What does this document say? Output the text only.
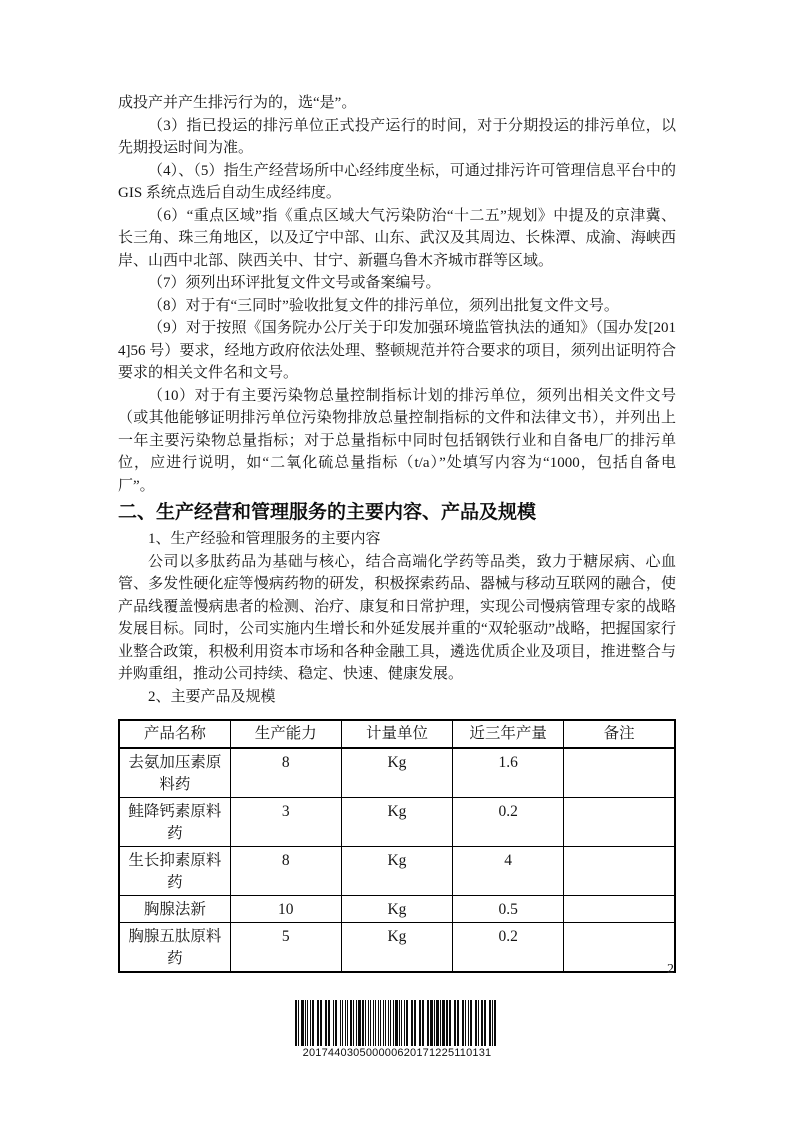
成投产并产生排污行为的，选“是”。

（3）指已投运的排污单位正式投产运行的时间，对于分期投运的排污单位，以先期投运时间为准。

（4）、（5）指生产经营场所中心经纬度坐标，可通过排污许可管理信息平台中的 GIS 系统点选后自动生成经纬度。

（6）“重点区域”指《重点区域大气污染防治“十二五”规划》中提及的京津冀、长三角、珠三角地区，以及辽宁中部、山东、武汉及其周边、长株潭、成渝、海峡西岸、山西中北部、陕西关中、甘宁、新疆乌鲁木齐城市群等区域。

（7）须列出环评批复文件文号或备案编号。

（8）对于有“三同时”验收批复文件的排污单位，须列出批复文件文号。

（9）对于按照《国务院办公厅关于印发加强环境监管执法的通知》（国办发[2014]56 号）要求，经地方政府依法处理、整顿规范并符合要求的项目，须列出证明符合要求的相关文件名和文号。

（10）对于有主要污染物总量控制指标计划的排污单位，须列出相关文件文号（或其他能够证明排污单位污染物排放总量控制指标的文件和法律文书），并列出上一年主要污染物总量指标；对于总量指标中同时包括钢铁行业和自备电厂的排污单位，应进行说明，如“二氧化硫总量指标（t/a）”处填写内容为“1000，包括自备电厂”。

二、生产经营和管理服务的主要内容、产品及规模

1、生产经验和管理服务的主要内容

公司以多肽药品为基础与核心，结合高端化学药等品类，致力于糖尿病、心血管、多发性硬化症等慢病药物的研发，积极探索药品、器械与移动互联网的融合，使产品线覆盖慢病患者的检测、治疗、康复和日常护理，实现公司慢病管理专家的战略发展目标。同时，公司实施内生增长和外延发展并重的“双轮驱动”战略，把握国家行业整合政策，积极利用资本市场和各种金融工具，遴选优质企业及项目，推进整合与并购重组，推动公司持续、稳定、快速、健康发展。

2、主要产品及规模

产品名称	生产能力	计量单位	近三年产量	备注
去氨加压素原料药	8	Kg	1.6	
鲑降钙素原料药	3	Kg	0.2	
生长抑素原料药	8	Kg	4	
胸腺法新	10	Kg	0.5	
胸腺五肽原料药	5	Kg	0.2	
2
201744030500000620171225110131
